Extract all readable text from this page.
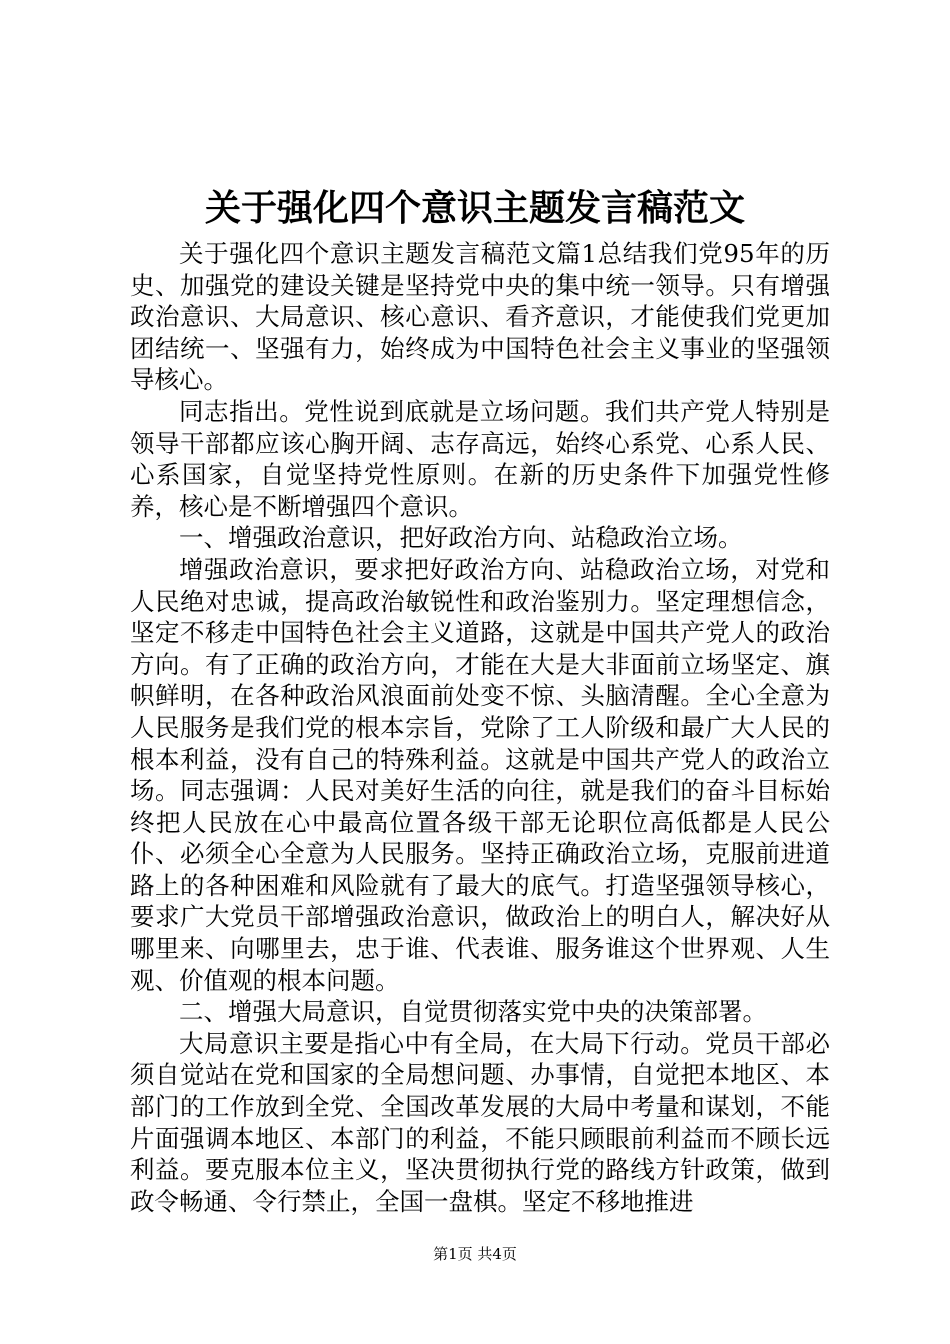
关于强化四个意识主题发言稿范文

关于强化四个意识主题发言稿范文篇1总结我们党95年的历史、加强党的建设关键是坚持党中央的集中统一领导。只有增强政治意识、大局意识、核心意识、看齐意识，才能使我们党更加团结统一、坚强有力，始终成为中国特色社会主义事业的坚强领导核心。

同志指出。党性说到底就是立场问题。我们共产党人特别是领导干部都应该心胸开阔、志存高远，始终心系党、心系人民、心系国家，自觉坚持党性原则。在新的历史条件下加强党性修养，核心是不断增强四个意识。

一、增强政治意识，把好政治方向、站稳政治立场。

增强政治意识，要求把好政治方向、站稳政治立场，对党和人民绝对忠诚，提高政治敏锐性和政治鉴别力。坚定理想信念，坚定不移走中国特色社会主义道路，这就是中国共产党人的政治方向。有了正确的政治方向，才能在大是大非面前立场坚定、旗帜鲜明，在各种政治风浪面前处变不惊、头脑清醒。全心全意为人民服务是我们党的根本宗旨，党除了工人阶级和最广大人民的根本利益，没有自己的特殊利益。这就是中国共产党人的政治立场。同志强调：人民对美好生活的向往，就是我们的奋斗目标始终把人民放在心中最高位置各级干部无论职位高低都是人民公仆、必须全心全意为人民服务。坚持正确政治立场，克服前进道路上的各种困难和风险就有了最大的底气。打造坚强领导核心，要求广大党员干部增强政治意识，做政治上的明白人，解决好从哪里来、向哪里去，忠于谁、代表谁、服务谁这个世界观、人生观、价值观的根本问题。

二、增强大局意识，自觉贯彻落实党中央的决策部署。

大局意识主要是指心中有全局，在大局下行动。党员干部必须自觉站在党和国家的全局想问题、办事情，自觉把本地区、本部门的工作放到全党、全国改革发展的大局中考量和谋划，不能片面强调本地区、本部门的利益，不能只顾眼前利益而不顾长远利益。要克服本位主义，坚决贯彻执行党的路线方针政策，做到政令畅通、令行禁止，全国一盘棋。坚定不移地推进

第1页 共4页
